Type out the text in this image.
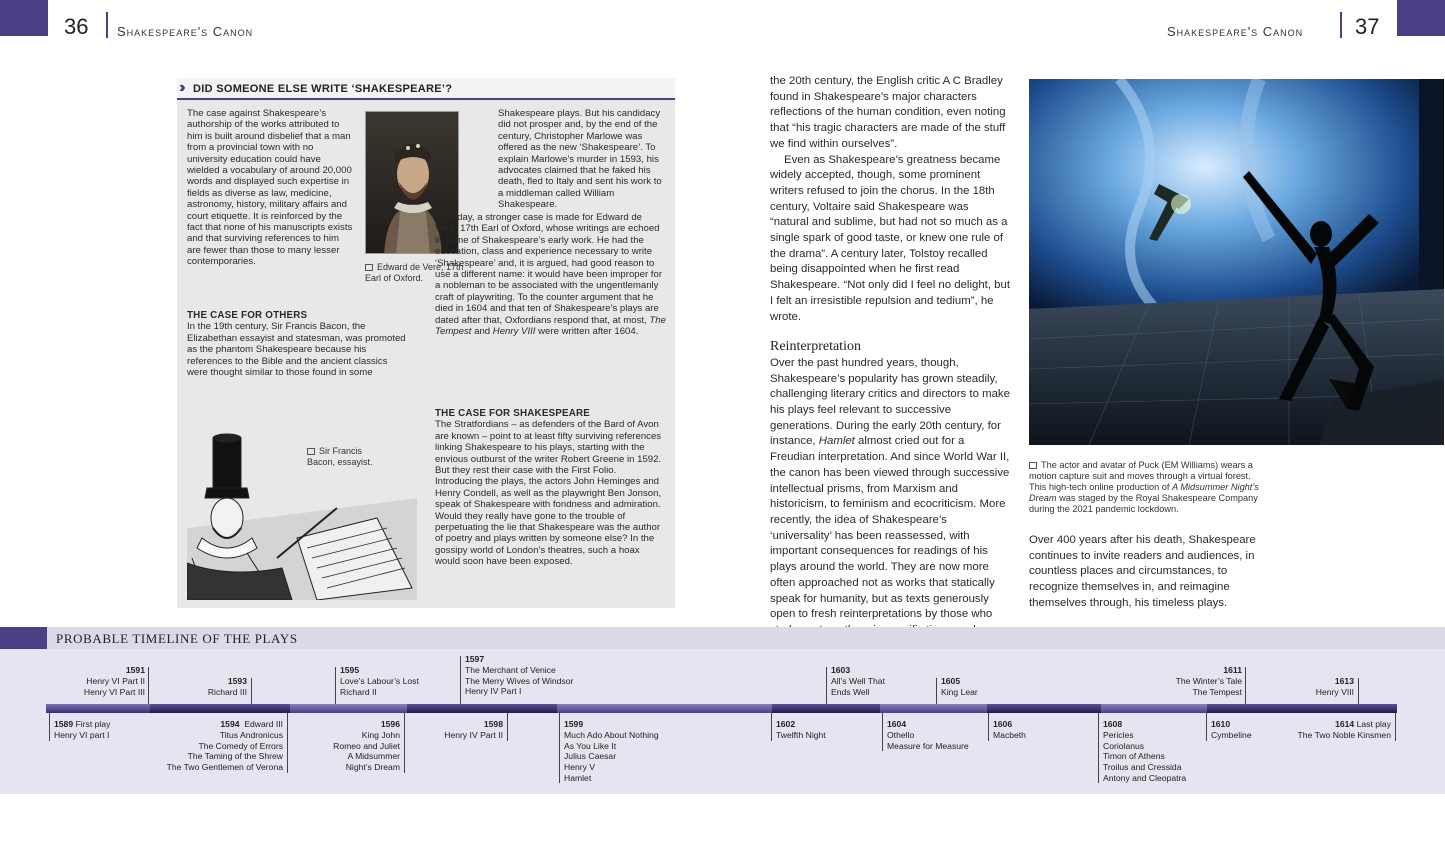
36 Shakespeare's Canon	Shakespeare's Canon 37
›› DID SOMEONE ELSE WRITE ‘SHAKESPEARE’?
The case against Shakespeare’s authorship of the works attributed to him is built around disbelief that a man from a provincial town with no university education could have wielded a vocabulary of around 20,000 words and displayed such expertise in fields as diverse as law, medicine, astronomy, history, military affairs and court etiquette. It is reinforced by the fact that none of his manuscripts exists and that surviving references to him are fewer than those to many lesser contemporaries.
THE CASE FOR OTHERS
In the 19th century, Sir Francis Bacon, the Elizabethan essayist and statesman, was promoted as the phantom Shakespeare because his references to the Bible and the ancient classics were thought similar to those found in some
Edward de Vere, 17th Earl of Oxford.
Shakespeare plays. But his candidacy did not prosper and, by the end of the century, Christopher Marlowe was offered as the new ‘Shakespeare’. To explain Marlowe’s murder in 1593, his advocates claimed that he faked his death, fled to Italy and sent his work to a middleman called William Shakespeare.
Today, a stronger case is made for Edward de Vere, 17th Earl of Oxford, whose writings are echoed in some of Shakespeare’s early work. He had the education, class and experience necessary to write ‘Shakespeare’ and, it is argued, had good reason to use a different name: it would have been improper for a nobleman to be associated with the ungentlemanly craft of playwriting. To the counter argument that he died in 1604 and that ten of Shakespeare’s plays are dated after that, Oxfordians respond that, at most, The Tempest and Henry VIII were written after 1604.
THE CASE FOR SHAKESPEARE
The Stratfordians – as defenders of the Bard of Avon are known – point to at least fifty surviving references linking Shakespeare to his plays, starting with the envious outburst of the writer Robert Greene in 1592. But they rest their case with the First Folio. Introducing the plays, the actors John Heminges and Henry Condell, as well as the playwright Ben Jonson, speak of Shakespeare with fondness and admiration. Would they really have gone to the trouble of perpetuating the lie that Shakespeare was the author of poetry and plays written by someone else? In the gossipy world of London’s theatres, such a hoax would soon have been exposed.
Sir Francis Bacon, essayist.

the 20th century, the English critic A C Bradley found in Shakespeare’s major characters reflections of the human condition, even noting that “his tragic characters are made of the stuff we find within ourselves”.

Even as Shakespeare’s greatness became widely accepted, though, some prominent writers refused to join the chorus. In the 18th century, Voltaire said Shakespeare was “natural and sublime, but had not so much as a single spark of good taste, or knew one rule of the drama”. A century later, Tolstoy recalled being disappointed when he first read Shakespeare. “Not only did I feel no delight, but I felt an irresistible repulsion and tedium”, he wrote.

Reinterpretation

Over the past hundred years, though, Shakespeare’s popularity has grown steadily, challenging literary critics and directors to make his plays feel relevant to successive generations. During the early 20th century, for instance, Hamlet almost cried out for a Freudian interpretation. And since World War II, the canon has been viewed through successive intellectual prisms, from Marxism and historicism, to feminism and ecocriticism. More recently, the idea of Shakespeare’s ‘universality’ has been reassessed, with important consequences for readings of his plays around the world. They are now more often approached not as works that statically speak for humanity, but as texts generously open to fresh reinterpretations by those who

The actor and avatar of Puck (EM Williams) wears a motion capture suit and moves through a virtual forest. This high-tech online production of A Midsummer Night’s Dream was staged by the Royal Shakespeare Company during the 2021 pandemic lockdown.
Over 400 years after his death, Shakespeare continues to invite readers and audiences, in countless places and circumstances, to recognize themselves in, and reimagine themselves through, his timeless plays.
PROBABLE TIMELINE OF THE PLAYS
1591
Henry VI Part II
Henry VI Part III
1593
Richard III
1595
Love’s Labour’s Lost
Richard II
1597
The Merchant of Venice
The Merry Wives of Windsor
Henry IV Part I
1603
All’s Well That
Ends Well
1605
King Lear
1611
The Winter’s Tale
The Tempest
1613
Henry VIII
1589 First play
Henry VI part I
1594 Edward III
Titus Andronicus
The Comedy of Errors
The Taming of the Shrew
The Two Gentlemen of Verona
1596
King John
Romeo and Juliet
A Midsummer
Night’s Dream
1598
Henry IV Part II
1599
Much Ado About Nothing
As You Like It
Julius Caesar
Henry V
Hamlet
1602
Twelfth Night
1604
Othello
Measure for Measure
1606
Macbeth
1608
Pericles
Coriolanus
Timon of Athens
Troilus and Cressida
Antony and Cleopatra
1610
Cymbeline
1614 Last play
The Two Noble Kinsmen
